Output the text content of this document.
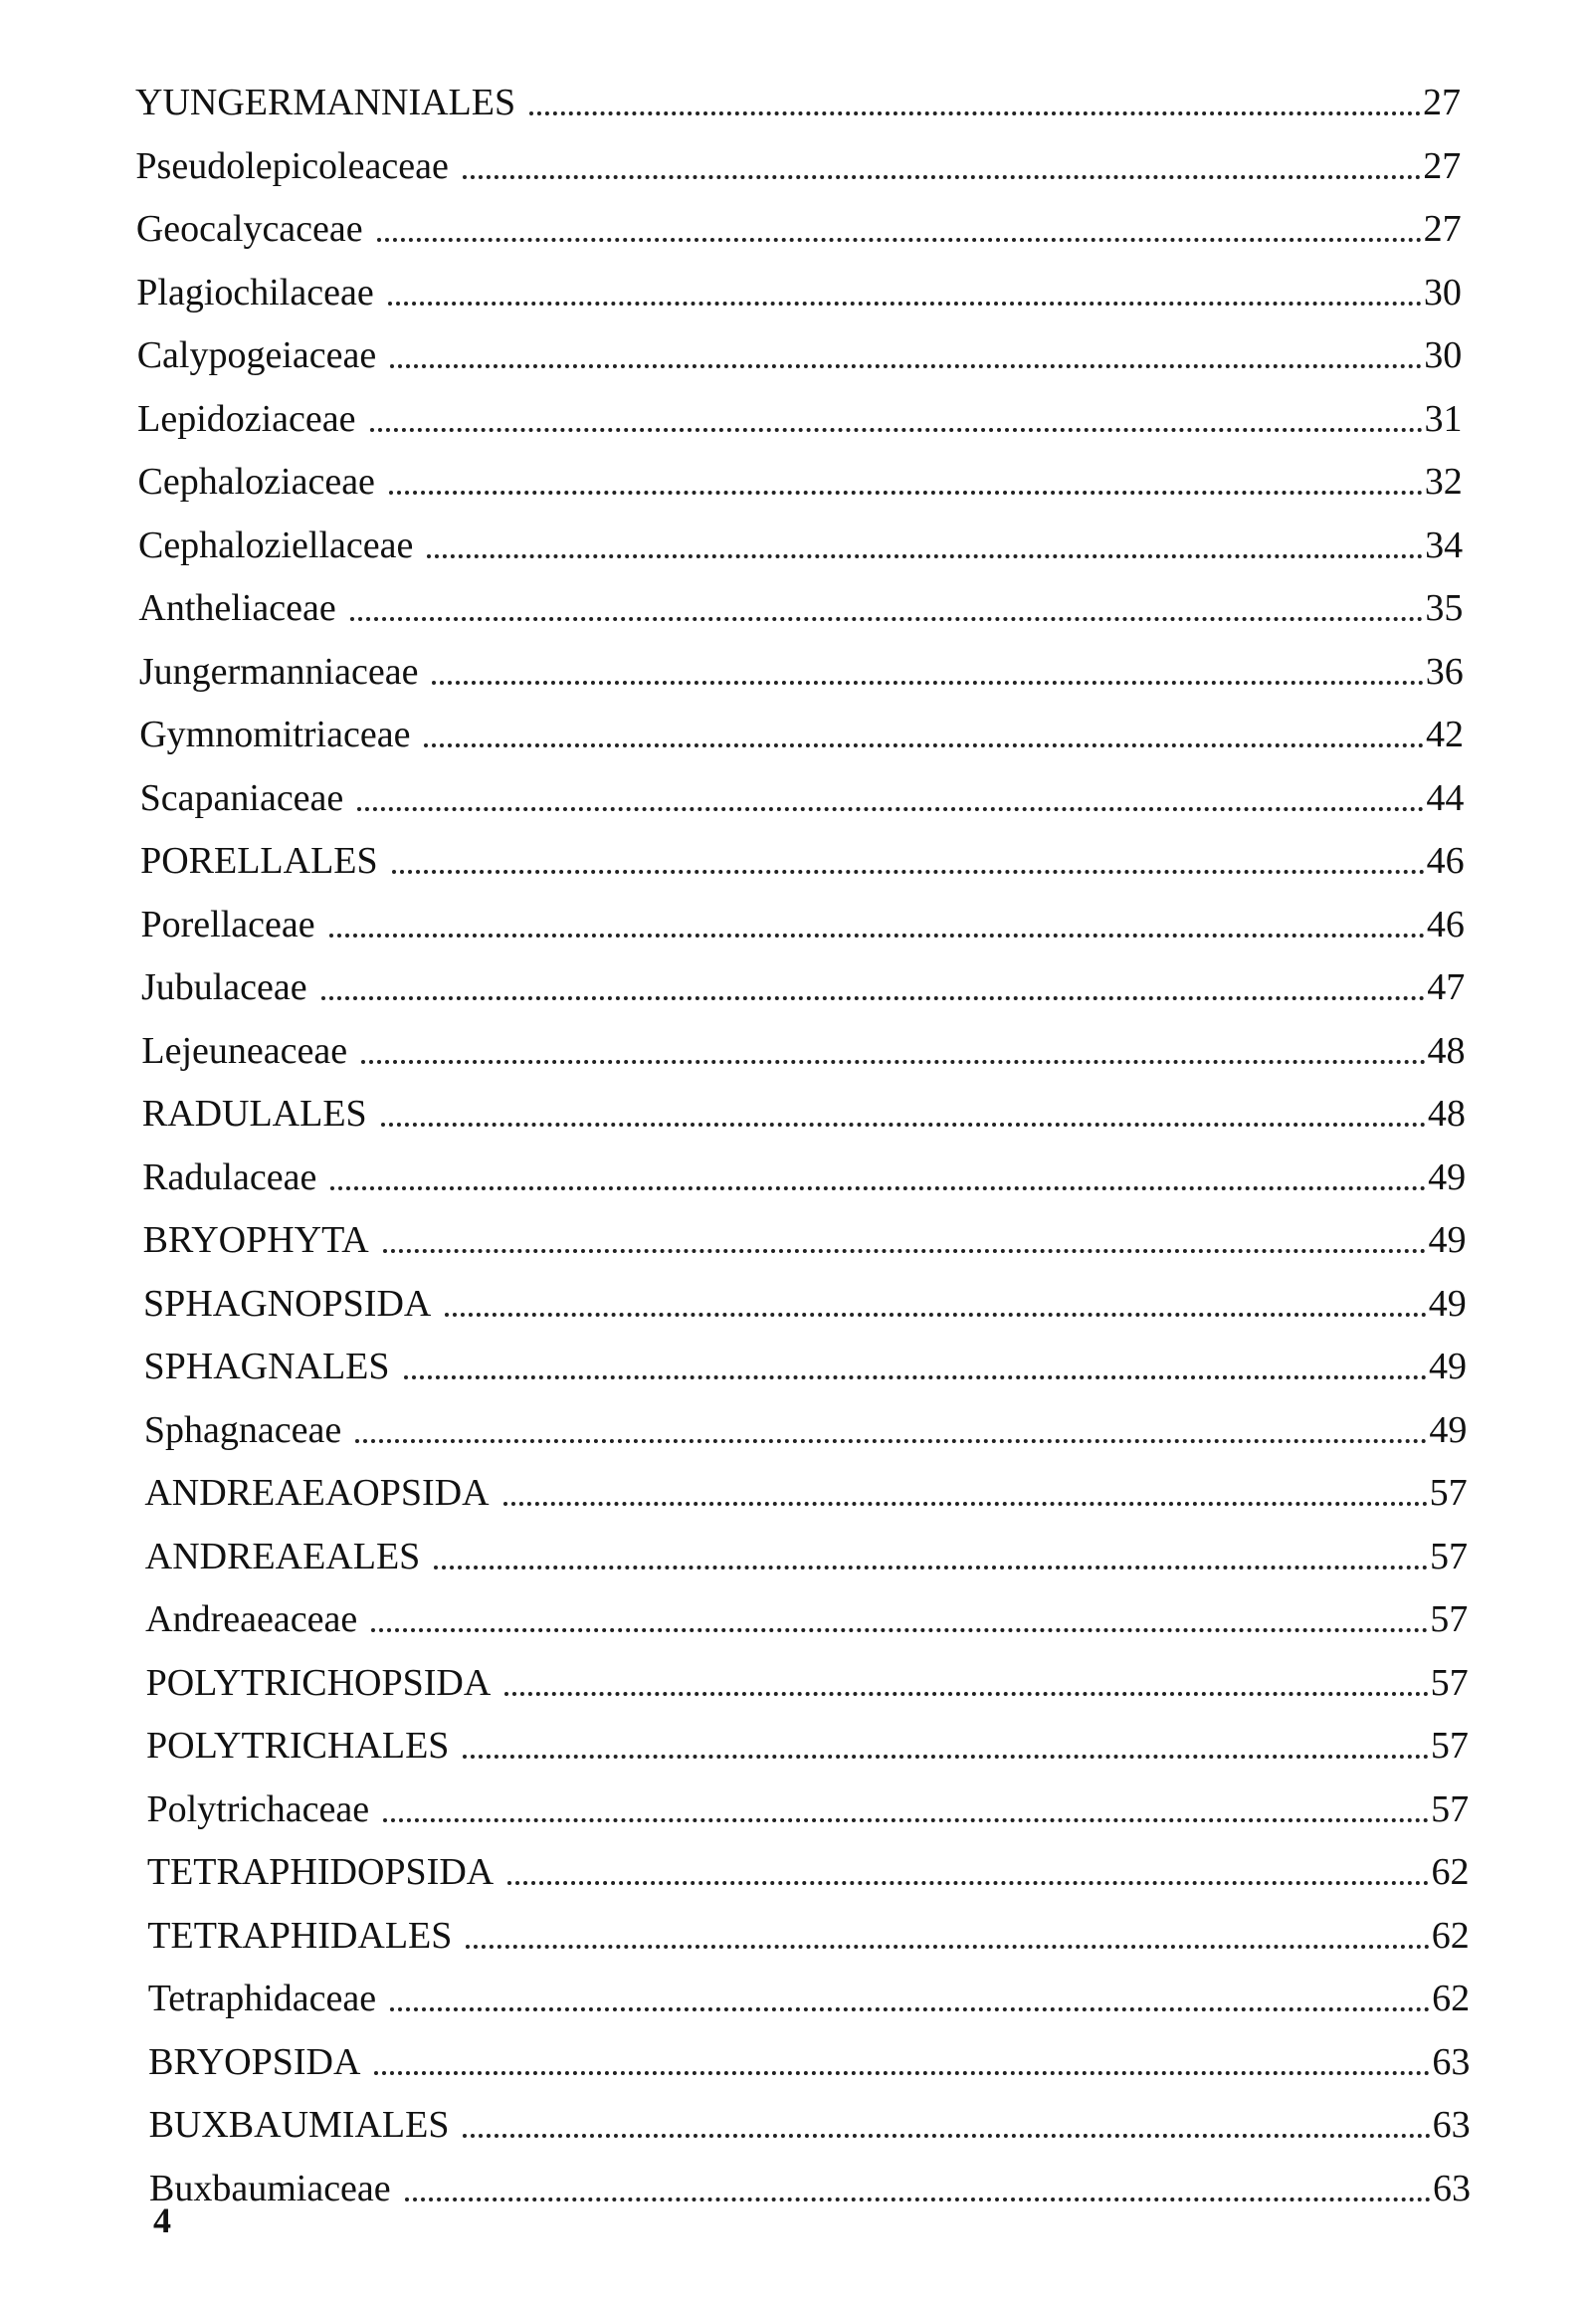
YUNGERMANNIALES	27
Pseudolepicoleaceae	27
Geocalycaceae	27
Plagiochilaceae	30
Calypogeiaceae	30
Lepidoziaceae	31
Cephaloziaceae	32
Cephaloziellaceae	34
Antheliaceae	35
Jungermanniaceae	36
Gymnomitriaceae	42
Scapaniaceae	44
PORELLALES	46
Porellaceae	46
Jubulaceae	47
Lejeuneaceae	48
RADULALES	48
Radulaceae	49
BRYOPHYTA	49
SPHAGNOPSIDA	49
SPHAGNALES	49
Sphagnaceae	49
ANDREAEAOPSIDA	57
ANDREAEALES	57
Andreaeaceae	57
POLYTRICHOPSIDA	57
POLYTRICHALES	57
Polytrichaceae	57
TETRAPHIDOPSIDA	62
TETRAPHIDALES	62
Tetraphidaceae	62
BRYOPSIDA	63
BUXBAUMIALES	63
Buxbaumiaceae	63
4
